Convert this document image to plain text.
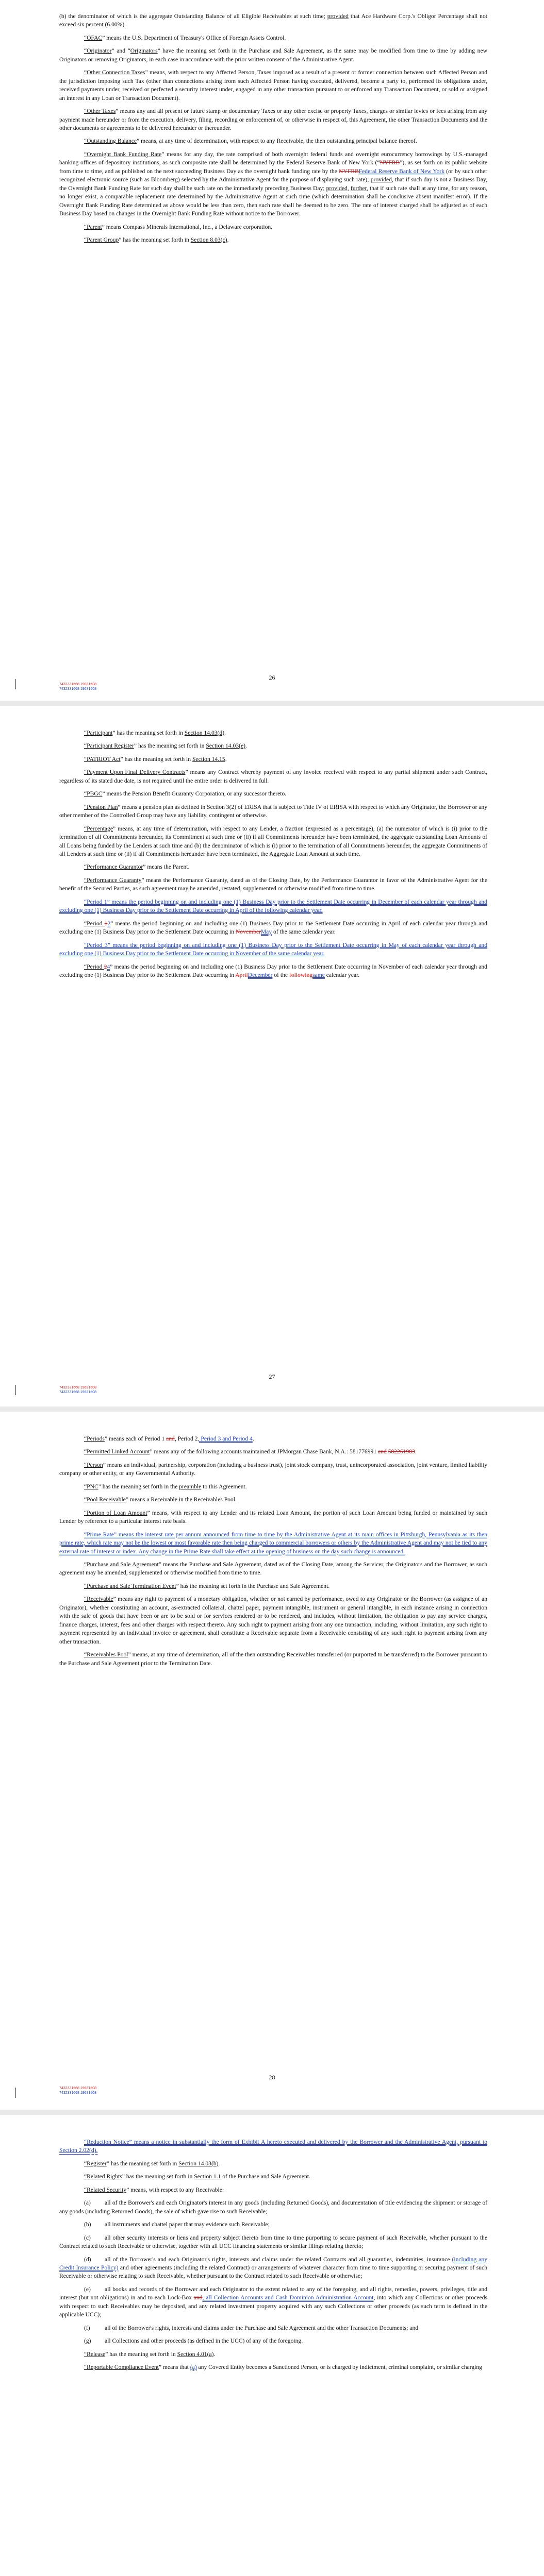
(b) the denominator of which is the aggregate Outstanding Balance of all Eligible Receivables at such time; provided that Ace Hardware Corp.'s Obligor Percentage shall not exceed six percent (6.00%).

“OFAC” means the U.S. Department of Treasury's Office of Foreign Assets Control.

“Originator” and “Originators” have the meaning set forth in the Purchase and Sale Agreement, as the same may be modified from time to time by adding new Originators or removing Originators, in each case in accordance with the prior written consent of the Administrative Agent.

“Other Connection Taxes” means, with respect to any Affected Person, Taxes imposed as a result of a present or former connection between such Affected Person and the jurisdiction imposing such Tax (other than connections arising from such Affected Person having executed, delivered, become a party to, performed its obligations under, received payments under, received or perfected a security interest under, engaged in any other transaction pursuant to or enforced any Transaction Document, or sold or assigned an interest in any Loan or Transaction Document).

“Other Taxes” means any and all present or future stamp or documentary Taxes or any other excise or property Taxes, charges or similar levies or fees arising from any payment made hereunder or from the execution, delivery, filing, recording or enforcement of, or otherwise in respect of, this Agreement, the other Transaction Documents and the other documents or agreements to be delivered hereunder or thereunder.

“Outstanding Balance” means, at any time of determination, with respect to any Receivable, the then outstanding principal balance thereof.

“Overnight Bank Funding Rate” means for any day, the rate comprised of both overnight federal funds and overnight eurocurrency borrowings by U.S.-managed banking offices of depository institutions, as such composite rate shall be determined by the Federal Reserve Bank of New York (“NYFRB”), as set forth on its public website from time to time, and as published on the next succeeding Business Day as the overnight bank funding rate by the NYFRBFederal Reserve Bank of New York (or by such other recognized electronic source (such as Bloomberg) selected by the Administrative Agent for the purpose of displaying such rate); provided, that if such day is not a Business Day, the Overnight Bank Funding Rate for such day shall be such rate on the immediately preceding Business Day; provided, further, that if such rate shall at any time, for any reason, no longer exist, a comparable replacement rate determined by the Administrative Agent at such time (which determination shall be conclusive absent manifest error). If the Overnight Bank Funding Rate determined as above would be less than zero, then such rate shall be deemed to be zero. The rate of interest charged shall be adjusted as of each Business Day based on changes in the Overnight Bank Funding Rate without notice to the Borrower.

“Parent” means Compass Minerals International, Inc., a Delaware corporation.

“Parent Group” has the meaning set forth in Section 8.03(c).

26
7432331668 19631608
7432331668 19631608

“Participant” has the meaning set forth in Section 14.03(d).

“Participant Register” has the meaning set forth in Section 14.03(e).

“PATRIOT Act” has the meaning set forth in Section 14.15.

“Payment Upon Final Delivery Contracts” means any Contract whereby payment of any invoice received with respect to any partial shipment under such Contract, regardless of its stated due date, is not required until the entire order is delivered in full.

“PBGC” means the Pension Benefit Guaranty Corporation, or any successor thereto.

“Pension Plan” means a pension plan as defined in Section 3(2) of ERISA that is subject to Title IV of ERISA with respect to which any Originator, the Borrower or any other member of the Controlled Group may have any liability, contingent or otherwise.

“Percentage” means, at any time of determination, with respect to any Lender, a fraction (expressed as a percentage), (a) the numerator of which is (i) prior to the termination of all Commitments hereunder, its Commitment at such time or (ii) if all Commitments hereunder have been terminated, the aggregate outstanding Loan Amounts of all Loans being funded by the Lenders at such time and (b) the denominator of which is (i) prior to the termination of all Commitments hereunder, the aggregate Commitments of all Lenders at such time or (ii) if all Commitments hereunder have been terminated, the Aggregate Loan Amount at such time.

“Performance Guarantor” means the Parent.

“Performance Guaranty” means the Performance Guaranty, dated as of the Closing Date, by the Performance Guarantor in favor of the Administrative Agent for the benefit of the Secured Parties, as such agreement may be amended, restated, supplemented or otherwise modified from time to time.

“Period 1” means the period beginning on and including one (1) Business Day prior to the Settlement Date occurring in December of each calendar year through and excluding one (1) Business Day prior to the Settlement Date occurring in April of the following calendar year.

“Period 12” means the period beginning on and including one (1) Business Day prior to the Settlement Date occurring in April of each calendar year through and excluding one (1) Business Day prior to the Settlement Date occurring in NovemberMay of the same calendar year.

“Period 3” means the period beginning on and including one (1) Business Day prior to the Settlement Date occurring in May of each calendar year through and excluding one (1) Business Day prior to the Settlement Date occurring in November of the same calendar year.

“Period 24” means the period beginning on and including one (1) Business Day prior to the Settlement Date occurring in November of each calendar year through and excluding one (1) Business Day prior to the Settlement Date occurring in AprilDecember of the followingsame calendar year.

27
7432331668 19631608
7432331668 19631608

“Periods” means each of Period 1 and, Period 2, Period 3 and Period 4.

“Permitted Linked Account” means any of the following accounts maintained at JPMorgan Chase Bank, N.A.: 581776991 and 582261983.

“Person” means an individual, partnership, corporation (including a business trust), joint stock company, trust, unincorporated association, joint venture, limited liability company or other entity, or any Governmental Authority.

“PNC” has the meaning set forth in the preamble to this Agreement.

“Pool Receivable” means a Receivable in the Receivables Pool.

“Portion of Loan Amount” means, with respect to any Lender and its related Loan Amount, the portion of such Loan Amount being funded or maintained by such Lender by reference to a particular interest rate basis.

“Prime Rate” means the interest rate per annum announced from time to time by the Administrative Agent at its main offices in Pittsburgh, Pennsylvania as its then prime rate, which rate may not be the lowest or most favorable rate then being charged to commercial borrowers or others by the Administrative Agent and may not be tied to any external rate of interest or index. Any change in the Prime Rate shall take effect at the opening of business on the day such change is announced.

“Purchase and Sale Agreement” means the Purchase and Sale Agreement, dated as of the Closing Date, among the Servicer, the Originators and the Borrower, as such agreement may be amended, supplemented or otherwise modified from time to time.

“Purchase and Sale Termination Event” has the meaning set forth in the Purchase and Sale Agreement.

“Receivable” means any right to payment of a monetary obligation, whether or not earned by performance, owed to any Originator or the Borrower (as assignee of an Originator), whether constituting an account, as-extracted collateral, chattel paper, payment intangible, instrument or general intangible, in each instance arising in connection with the sale of goods that have been or are to be sold or for services rendered or to be rendered, and includes, without limitation, the obligation to pay any service charges, finance charges, interest, fees and other charges with respect thereto. Any such right to payment arising from any one transaction, including, without limitation, any such right to payment represented by an individual invoice or agreement, shall constitute a Receivable separate from a Receivable consisting of any such right to payment arising from any other transaction.

“Receivables Pool” means, at any time of determination, all of the then outstanding Receivables transferred (or purported to be transferred) to the Borrower pursuant to the Purchase and Sale Agreement prior to the Termination Date.

28
7432331668 19631608
7432331668 19631608

“Reduction Notice” means a notice in substantially the form of Exhibit A hereto executed and delivered by the Borrower and the Administrative Agent, pursuant to Section 2.02(d).

“Register” has the meaning set forth in Section 14.03(b).

“Related Rights” has the meaning set forth in Section 1.1 of the Purchase and Sale Agreement.

“Related Security” means, with respect to any Receivable:

(a) all of the Borrower's and each Originator's interest in any goods (including Returned Goods), and documentation of title evidencing the shipment or storage of any goods (including Returned Goods), the sale of which gave rise to such Receivable;

(b) all instruments and chattel paper that may evidence such Receivable;

(c) all other security interests or liens and property subject thereto from time to time purporting to secure payment of such Receivable, whether pursuant to the Contract related to such Receivable or otherwise, together with all UCC financing statements or similar filings relating thereto;

(d) all of the Borrower's and each Originator's rights, interests and claims under the related Contracts and all guaranties, indemnities, insurance (including any Credit Insurance Policy) and other agreements (including the related Contract) or arrangements of whatever character from time to time supporting or securing payment of such Receivable or otherwise relating to such Receivable, whether pursuant to the Contract related to such Receivable or otherwise;

(e) all books and records of the Borrower and each Originator to the extent related to any of the foregoing, and all rights, remedies, powers, privileges, title and interest (but not obligations) in and to each Lock-Box and, all Collection Accounts and Cash Dominion Administration Account, into which any Collections or other proceeds with respect to such Receivables may be deposited, and any related investment property acquired with any such Collections or other proceeds (as such term is defined in the applicable UCC);

(f) all of the Borrower's rights, interests and claims under the Purchase and Sale Agreement and the other Transaction Documents; and

(g) all Collections and other proceeds (as defined in the UCC) of any of the foregoing.

“Release” has the meaning set forth in Section 4.01(a).

“Reportable Compliance Event” means that (a) any Covered Entity becomes a Sanctioned Person, or is charged by indictment, criminal complaint, or similar charging
